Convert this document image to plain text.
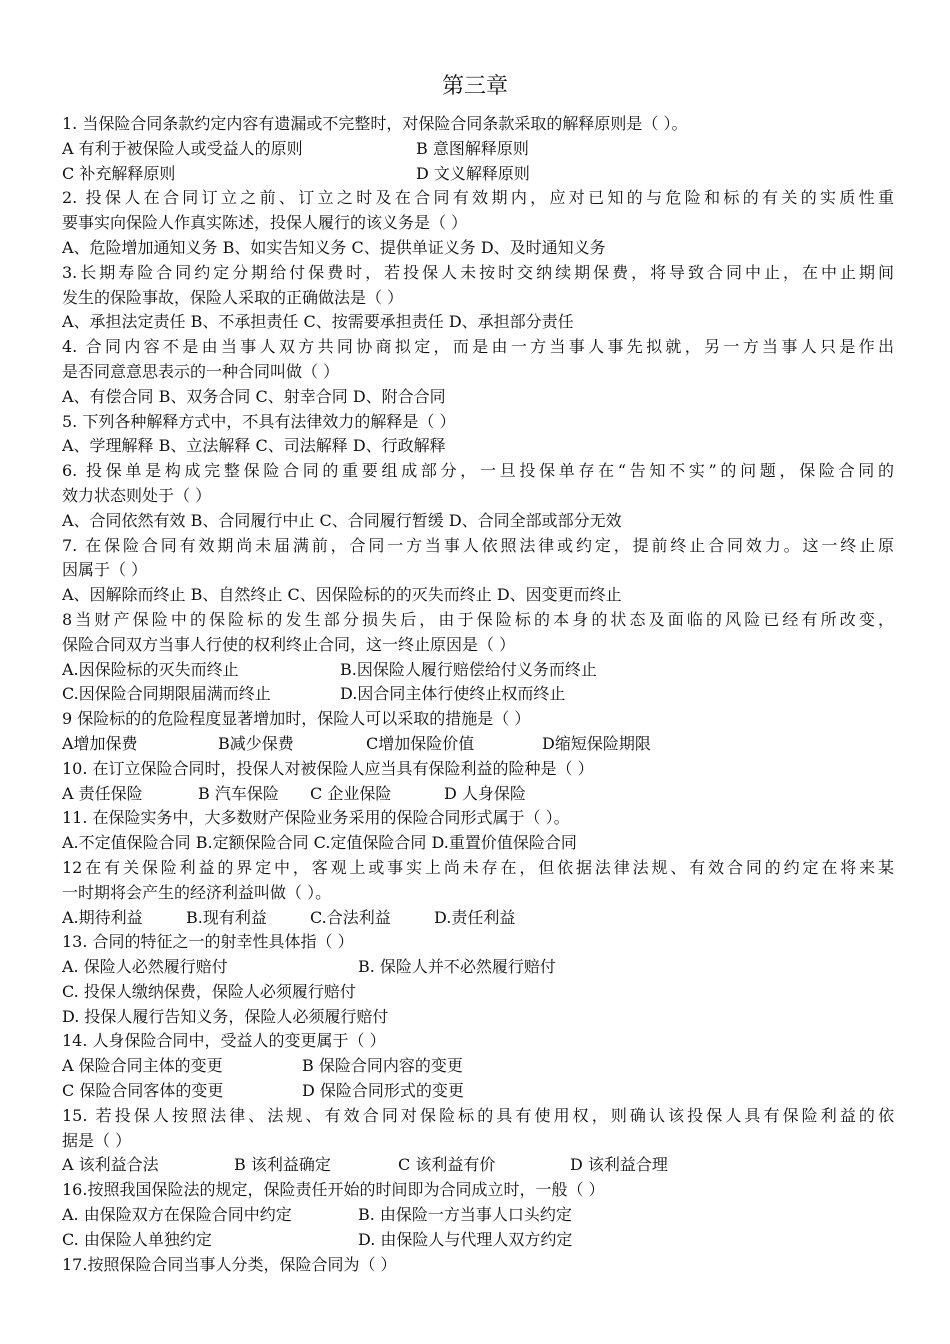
第三章
1. 当保险合同条款约定内容有遗漏或不完整时，对保险合同条款采取的解释原则是（ ）。
A 有利于被保险人或受益人的原则	B 意图解释原则
C 补充解释原则	D 文义解释原则
2. 投保人在合同订立之前、订立之时及在合同有效期内，应对已知的与危险和标的有关的实质性重
要事实向保险人作真实陈述，投保人履行的该义务是（ ）
A、危险增加通知义务 B、如实告知义务 C、提供单证义务 D、及时通知义务
3.长期寿险合同约定分期给付保费时，若投保人未按时交纳续期保费，将导致合同中止，在中止期间
发生的保险事故，保险人采取的正确做法是（ ）
A、承担法定责任 B、不承担责任 C、按需要承担责任 D、承担部分责任
4. 合同内容不是由当事人双方共同协商拟定，而是由一方当事人事先拟就，另一方当事人只是作出
是否同意意思表示的一种合同叫做（ ）
A、有偿合同 B、双务合同 C、射幸合同 D、附合合同
5. 下列各种解释方式中，不具有法律效力的解释是（ ）
A、学理解释 B、立法解释 C、司法解释 D、行政解释
6. 投保单是构成完整保险合同的重要组成部分，一旦投保单存在“告知不实”的问题，保险合同的
效力状态则处于（ ）
A、合同依然有效 B、合同履行中止 C、合同履行暂缓 D、合同全部或部分无效
7. 在保险合同有效期尚未届满前，合同一方当事人依照法律或约定，提前终止合同效力。这一终止原
因属于（ ）
A、因解除而终止 B、自然终止 C、因保险标的的灭失而终止 D、因变更而终止
8当财产保险中的保险标的发生部分损失后，由于保险标的本身的状态及面临的风险已经有所改变，
保险合同双方当事人行使的权利终止合同，这一终止原因是（ ）
A.因保险标的灭失而终止	B.因保险人履行赔偿给付义务而终止
C.因保险合同期限届满而终止	D.因合同主体行使终止权而终止
9 保险标的的危险程度显著增加时，保险人可以采取的措施是（ ）
A增加保费	B减少保费	C增加保险价值	D缩短保险期限
10. 在订立保险合同时，投保人对被保险人应当具有保险利益的险种是（ ）
A 责任保险	B 汽车保险	C 企业保险	D 人身保险
11. 在保险实务中，大多数财产保险业务采用的保险合同形式属于（ ）。
A.不定值保险合同 B.定额保险合同 C.定值保险合同 D.重置价值保险合同
12在有关保险利益的界定中，客观上或事实上尚未存在，但依据法律法规、有效合同的约定在将来某
一时期将会产生的经济利益叫做（ ）。
A.期待利益	B.现有利益	C.合法利益	D.责任利益
13. 合同的特征之一的射幸性具体指（ ）
A. 保险人必然履行赔付	B. 保险人并不必然履行赔付
C. 投保人缴纳保费，保险人必须履行赔付
D. 投保人履行告知义务，保险人必须履行赔付
14. 人身保险合同中，受益人的变更属于（ ）
A 保险合同主体的变更	B 保险合同内容的变更
C 保险合同客体的变更	D 保险合同形式的变更
15. 若投保人按照法律、法规、有效合同对保险标的具有使用权，则确认该投保人具有保险利益的依
据是（ ）
A 该利益合法	B 该利益确定	C 该利益有价	D 该利益合理
16.按照我国保险法的规定，保险责任开始的时间即为合同成立时，一般（ ）
A. 由保险双方在保险合同中约定	B. 由保险一方当事人口头约定
C. 由保险人单独约定	D. 由保险人与代理人双方约定
17.按照保险合同当事人分类，保险合同为（ ）
